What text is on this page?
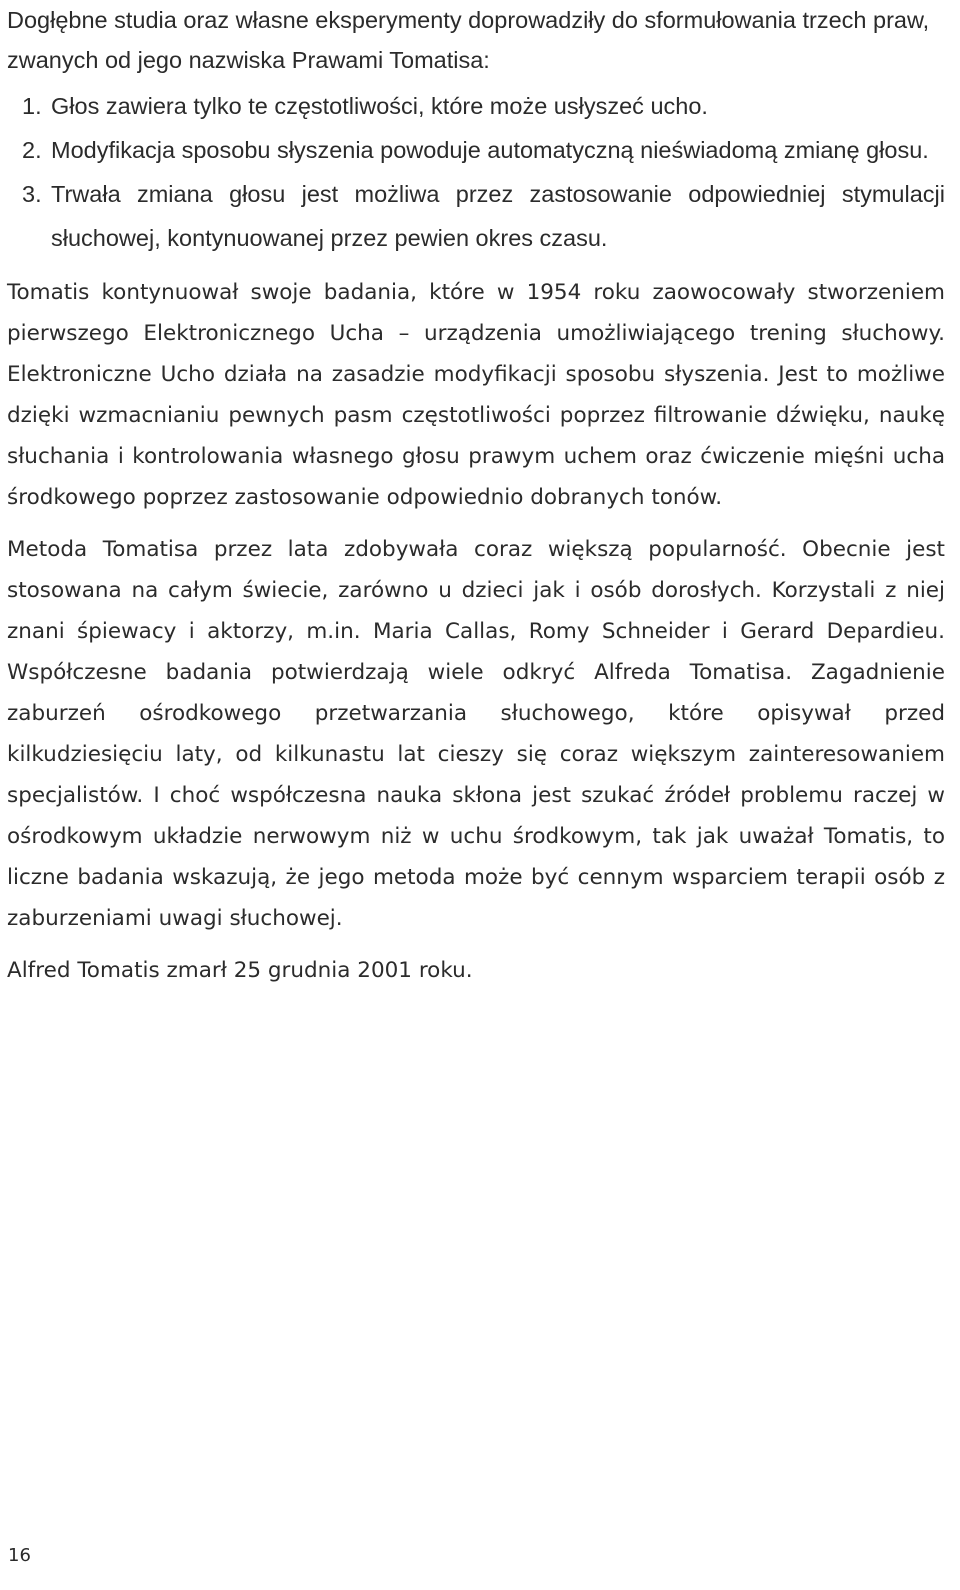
Dogłębne studia oraz własne eksperymenty doprowadziły do sformułowania trzech praw, zwanych od jego nazwiska Prawami Tomatisa:

1. Głos zawiera tylko te częstotliwości, które może usłyszeć ucho.
2. Modyfikacja sposobu słyszenia powoduje automatyczną nieświadomą zmianę głosu.
3. Trwała zmiana głosu jest możliwa przez zastosowanie odpowiedniej stymulacji słuchowej, kontynuowanej przez pewien okres czasu.

Tomatis kontynuował swoje badania, które w 1954 roku zaowocowały stworzeniem pierwszego Elektronicznego Ucha – urządzenia umożliwiającego trening słuchowy. Elektroniczne Ucho działa na zasadzie modyfikacji sposobu słyszenia. Jest to możliwe dzięki wzmacnianiu pewnych pasm częstotliwości poprzez filtrowanie dźwięku, naukę słuchania i kontrolowania własnego głosu prawym uchem oraz ćwiczenie mięśni ucha środkowego poprzez zastosowanie odpowiednio dobranych tonów.

Metoda Tomatisa przez lata zdobywała coraz większą popularność. Obecnie jest stosowana na całym świecie, zarówno u dzieci jak i osób dorosłych. Korzystali z niej znani śpiewacy i aktorzy, m.in. Maria Callas, Romy Schneider i Gerard Depardieu. Współczesne badania potwierdzają wiele odkryć Alfreda Tomatisa. Zagadnienie zaburzeń ośrodkowego przetwarzania słuchowego, które opisywał przed kilkudziesięciu laty, od kilkunastu lat cieszy się coraz większym zainteresowaniem specjalistów. I choć współczesna nauka skłona jest szukać źródeł problemu raczej w ośrodkowym układzie nerwowym niż w uchu środkowym, tak jak uważał Tomatis, to liczne badania wskazują, że jego metoda może być cennym wsparciem terapii osób z zaburzeniami uwagi słuchowej.

Alfred Tomatis zmarł 25 grudnia 2001 roku.

16
